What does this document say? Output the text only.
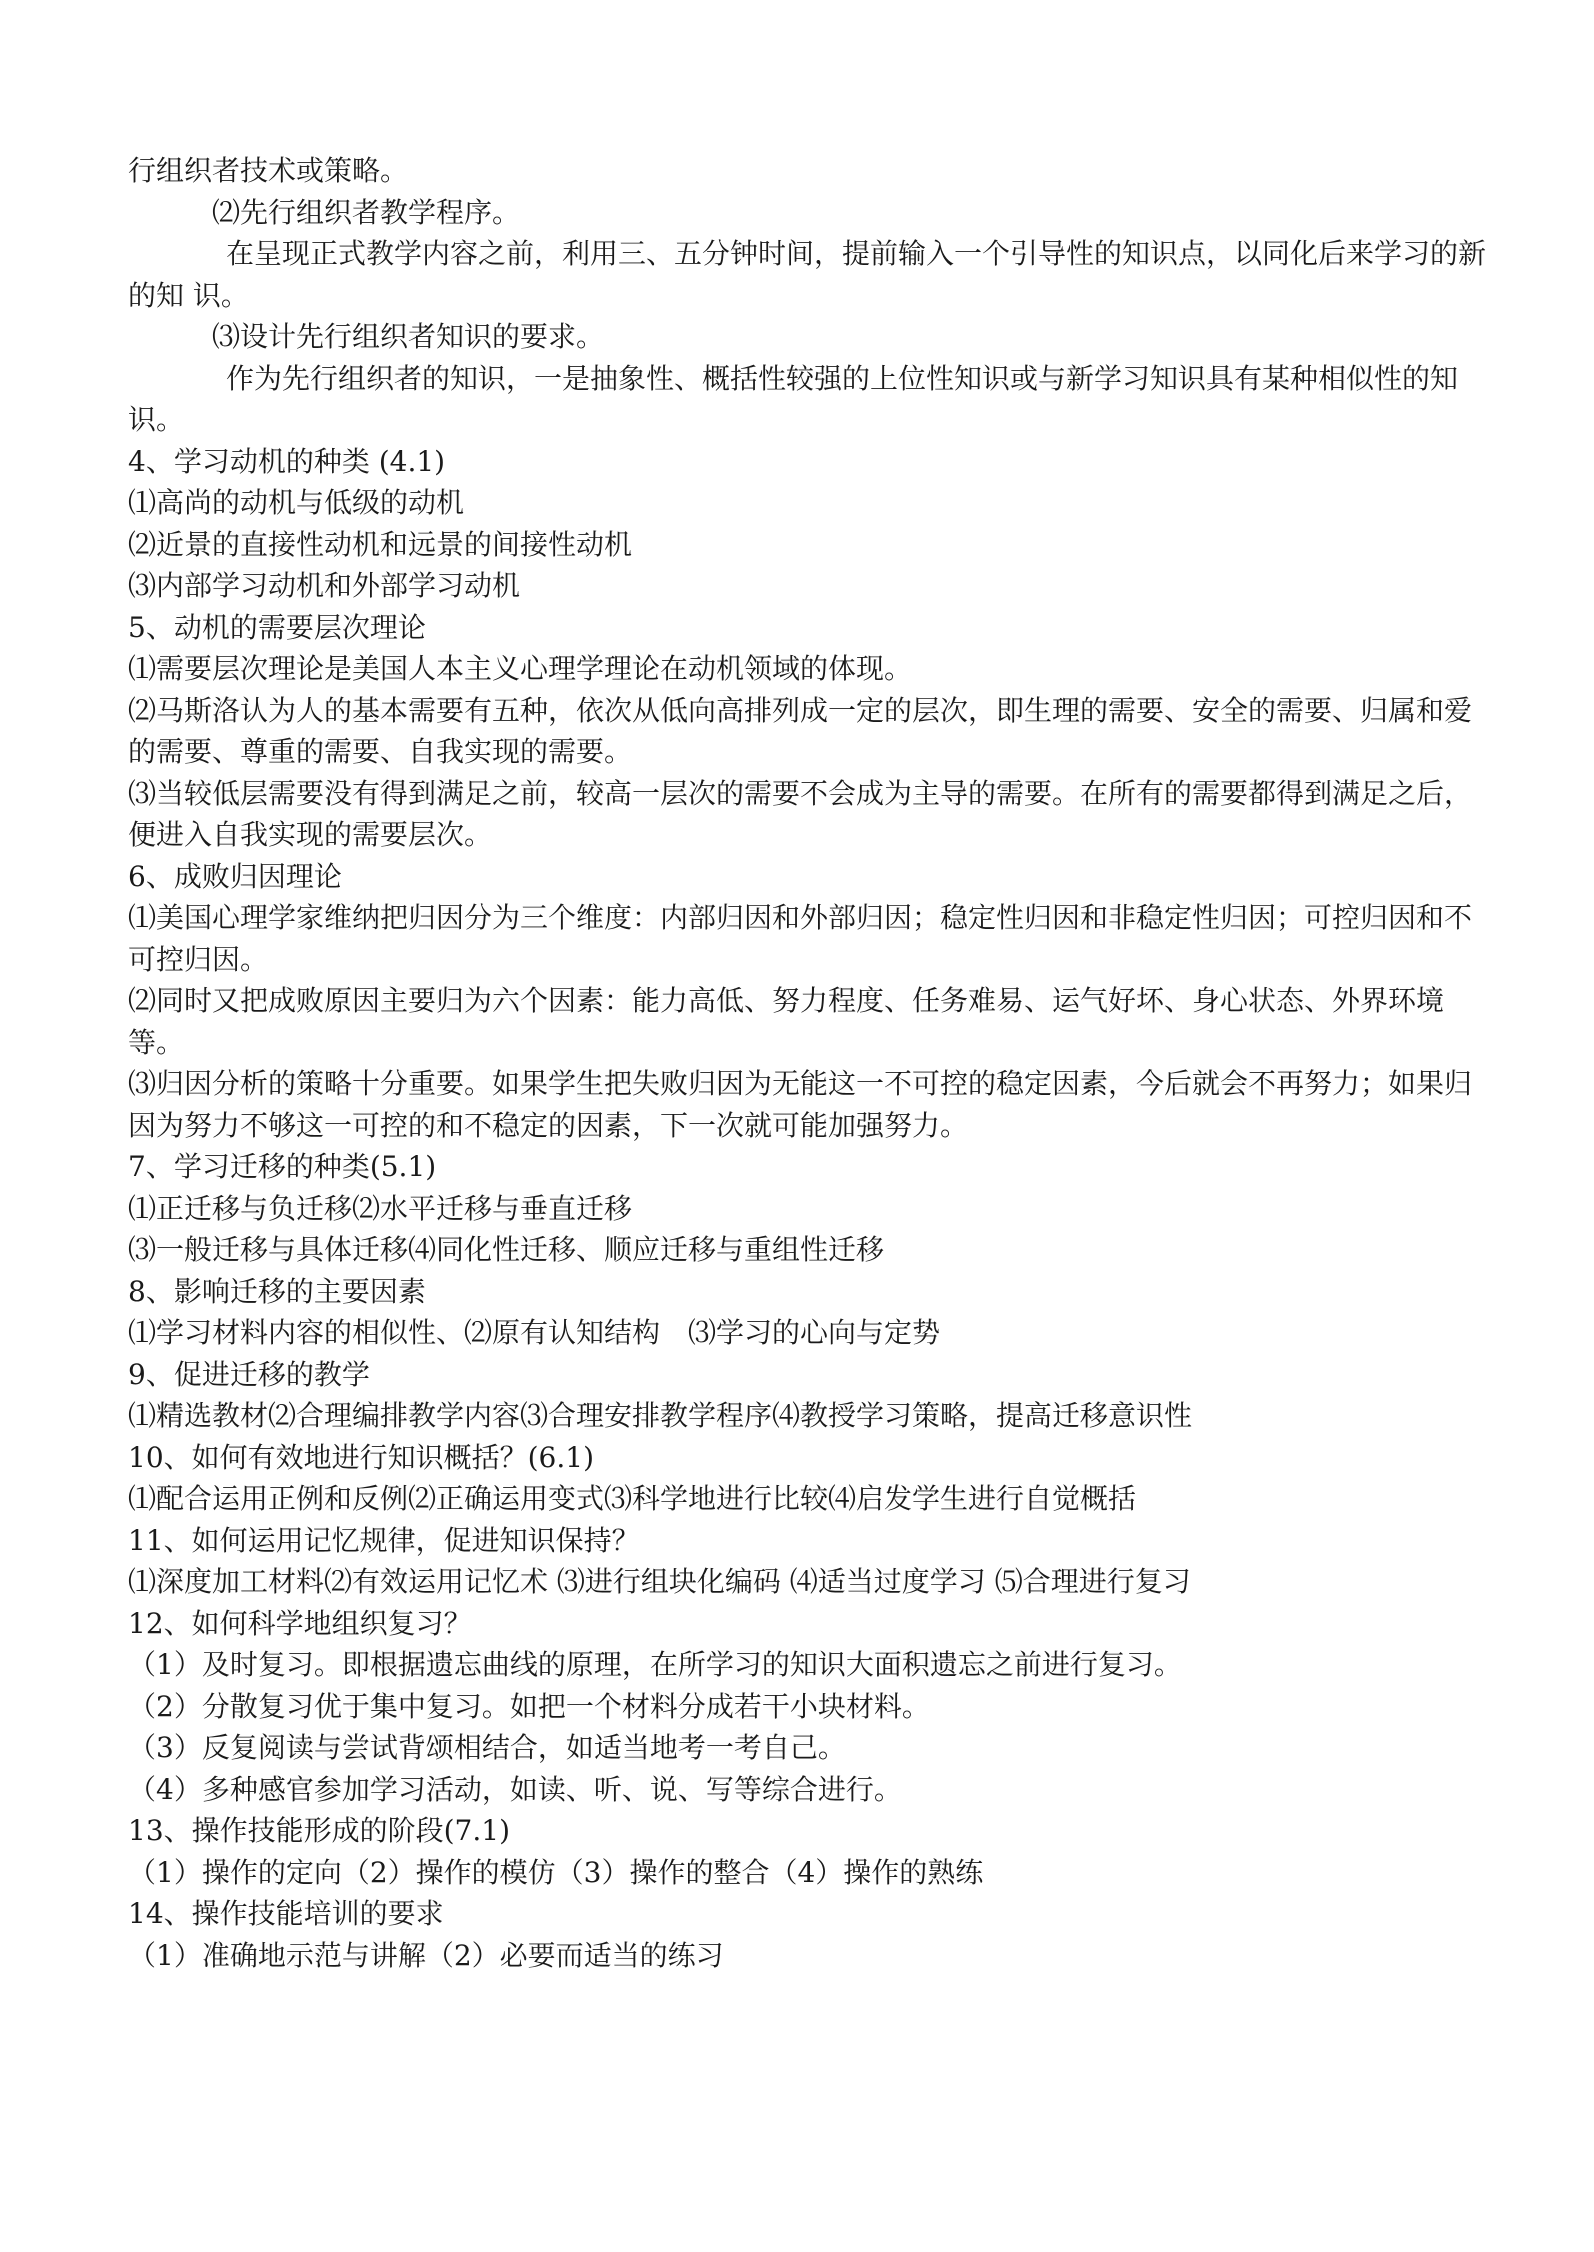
行组织者技术或策略。
⑵先行组织者教学程序。
在呈现正式教学内容之前，利用三、五分钟时间，提前输入一个引导性的知识点，以同化后来学习的新的知 识。
⑶设计先行组织者知识的要求。
作为先行组织者的知识，一是抽象性、概括性较强的上位性知识或与新学习知识具有某种相似性的知识。
4、学习动机的种类 (4.1)
⑴高尚的动机与低级的动机
⑵近景的直接性动机和远景的间接性动机
⑶内部学习动机和外部学习动机
5、动机的需要层次理论
⑴需要层次理论是美国人本主义心理学理论在动机领域的体现。
⑵马斯洛认为人的基本需要有五种，依次从低向高排列成一定的层次，即生理的需要、安全的需要、归属和爱的需要、尊重的需要、自我实现的需要。
⑶当较低层需要没有得到满足之前，较高一层次的需要不会成为主导的需要。在所有的需要都得到满足之后，便进入自我实现的需要层次。
6、成败归因理论
⑴美国心理学家维纳把归因分为三个维度：内部归因和外部归因；稳定性归因和非稳定性归因；可控归因和不可控归因。
⑵同时又把成败原因主要归为六个因素：能力高低、努力程度、任务难易、运气好坏、身心状态、外界环境等。
⑶归因分析的策略十分重要。如果学生把失败归因为无能这一不可控的稳定因素，今后就会不再努力；如果归因为努力不够这一可控的和不稳定的因素，下一次就可能加强努力。
7、学习迁移的种类(5.1)
⑴正迁移与负迁移⑵水平迁移与垂直迁移
⑶一般迁移与具体迁移⑷同化性迁移、顺应迁移与重组性迁移
8、影响迁移的主要因素
⑴学习材料内容的相似性、⑵原有认知结构　⑶学习的心向与定势
9、促进迁移的教学
⑴精选教材⑵合理编排教学内容⑶合理安排教学程序⑷教授学习策略，提高迁移意识性
10、如何有效地进行知识概括？(6.1)
⑴配合运用正例和反例⑵正确运用变式⑶科学地进行比较⑷启发学生进行自觉概括
11、如何运用记忆规律，促进知识保持？
⑴深度加工材料⑵有效运用记忆术 ⑶进行组块化编码 ⑷适当过度学习 ⑸合理进行复习
12、如何科学地组织复习？
（1）及时复习。即根据遗忘曲线的原理，在所学习的知识大面积遗忘之前进行复习。
（2）分散复习优于集中复习。如把一个材料分成若干小块材料。
（3）反复阅读与尝试背颂相结合，如适当地考一考自己。
（4）多种感官参加学习活动，如读、听、说、写等综合进行。
13、操作技能形成的阶段(7.1)
（1）操作的定向（2）操作的模仿（3）操作的整合（4）操作的熟练
14、操作技能培训的要求
（1）准确地示范与讲解（2）必要而适当的练习
